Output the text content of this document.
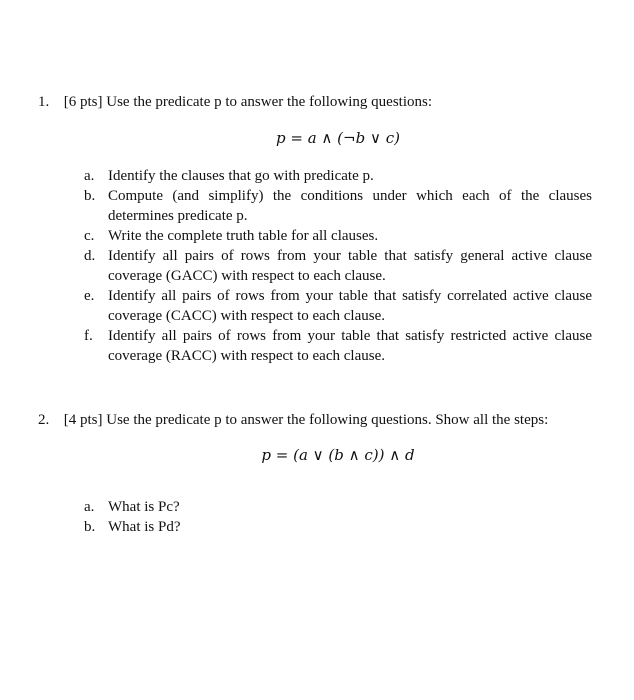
1. [6 pts] Use the predicate p to answer the following questions:
p = a ∧ (¬b ∨ c)
a. Identify the clauses that go with predicate p.
b. Compute (and simplify) the conditions under which each of the clauses determines predicate p.
c. Write the complete truth table for all clauses.
d. Identify all pairs of rows from your table that satisfy general active clause coverage (GACC) with respect to each clause.
e. Identify all pairs of rows from your table that satisfy correlated active clause coverage (CACC) with respect to each clause.
f. Identify all pairs of rows from your table that satisfy restricted active clause coverage (RACC) with respect to each clause.
2. [4 pts] Use the predicate p to answer the following questions. Show all the steps:
p = (a ∨ (b ∧ c)) ∧ d
a. What is Pc?
b. What is Pd?
